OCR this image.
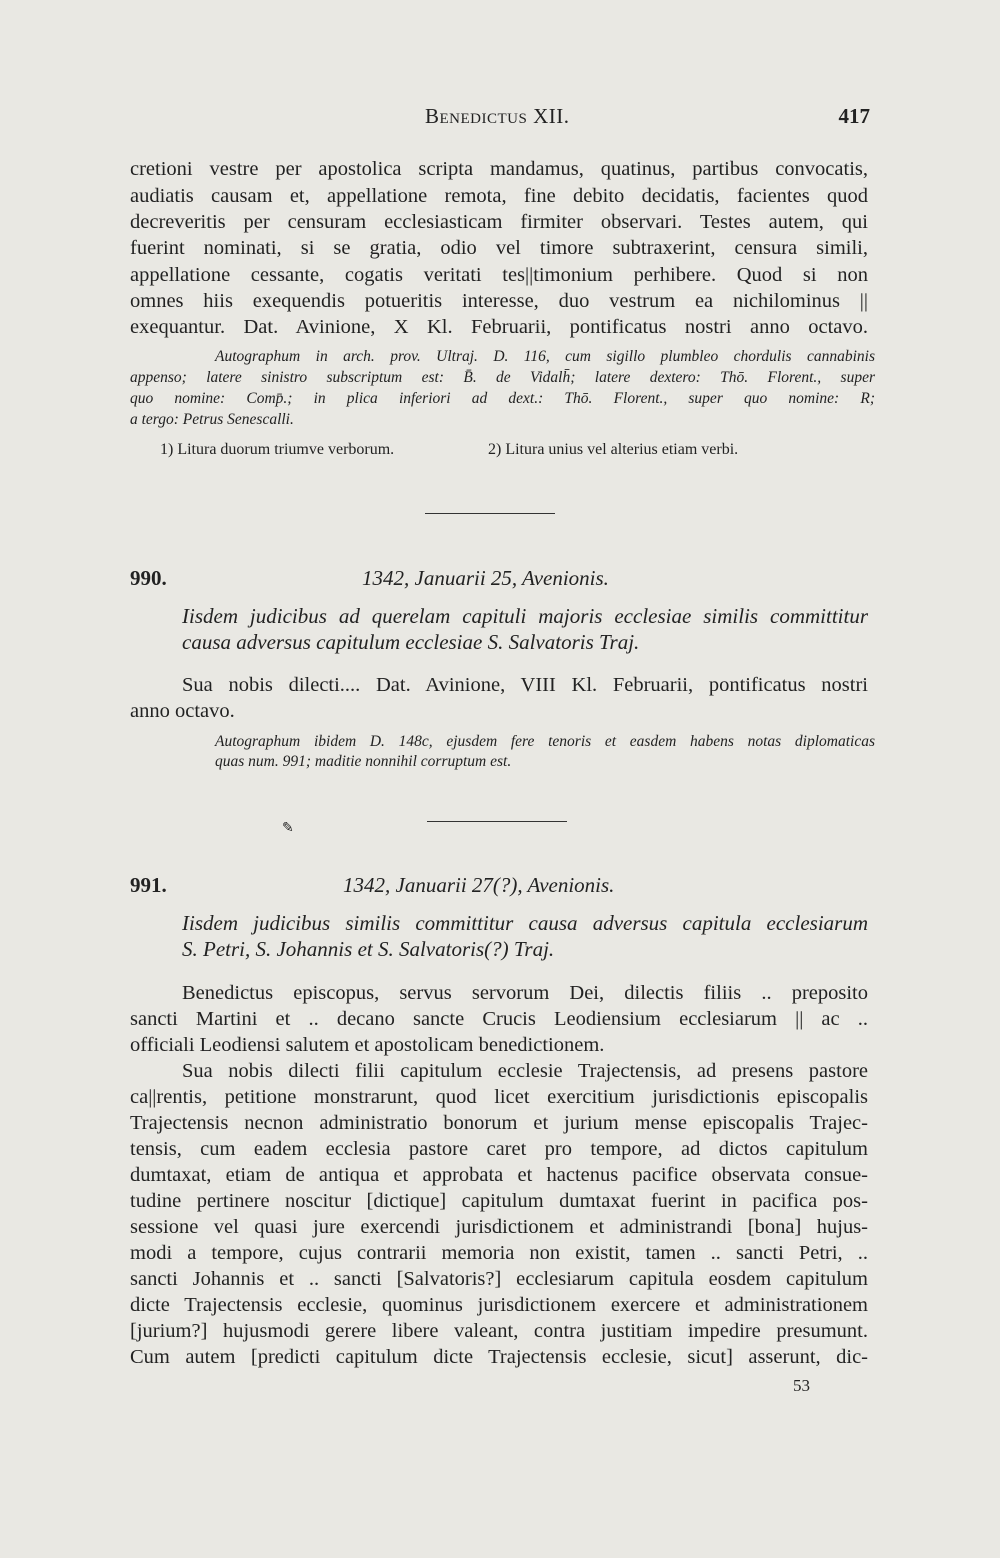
Benedictus XII.	417
cretioni vestre per apostolica scripta mandamus, quatinus, partibus convocatis,
audiatis causam et, appellatione remota, fine debito decidatis, facientes quod
decreveritis per censuram ecclesiasticam firmiter observari. Testes autem, qui
fuerint nominati, si se gratia, odio vel timore subtraxerint, censura simili,
appellatione cessante, cogatis veritati tes||timonium perhibere. Quod si non
omnes hiis exequendis potueritis interesse, duo vestrum ea nichilominus ||
exequantur. Dat. Avinione, X Kl. Februarii, pontificatus nostri anno octavo.
Autographum in arch. prov. Ultraj. D. 116, cum sigillo plumbleo chordulis cannabinis
appenso; latere sinistro subscriptum est: B̄. de Vidalh̄; latere dextero: Thō. Florent., super
quo nomine: Comp̄.; in plica inferiori ad dext.: Thō. Florent., super quo nomine: R;
a tergo: Petrus Senescalli.
1) Litura duorum triumve verborum.	2) Litura unius vel alterius etiam verbi.
990.	1342, Januarii 25, Avenionis.
Iisdem judicibus ad querelam capituli majoris ecclesiae similis committitur
causa adversus capitulum ecclesiae S. Salvatoris Traj.
Sua nobis dilecti.... Dat. Avinione, VIII Kl. Februarii, pontificatus nostri
anno octavo.
Autographum ibidem D. 148c, ejusdem fere tenoris et easdem habens notas diplomaticas
quas num. 991; maditie nonnihil corruptum est.
✎
991.	1342, Januarii 27(?), Avenionis.
Iisdem judicibus similis committitur causa adversus capitula ecclesiarum
S. Petri, S. Johannis et S. Salvatoris(?) Traj.
Benedictus episcopus, servus servorum Dei, dilectis filiis .. preposito
sancti Martini et .. decano sancte Crucis Leodiensium ecclesiarum || ac ..
officiali Leodiensi salutem et apostolicam benedictionem.
Sua nobis dilecti filii capitulum ecclesie Trajectensis, ad presens pastore
ca||rentis, petitione monstrarunt, quod licet exercitium jurisdictionis episcopalis
Trajectensis necnon administratio bonorum et jurium mense episcopalis Trajec-
tensis, cum eadem ecclesia pastore caret pro tempore, ad dictos capitulum
dumtaxat, etiam de antiqua et approbata et hactenus pacifice observata consue-
tudine pertinere noscitur [dictique] capitulum dumtaxat fuerint in pacifica pos-
sessione vel quasi jure exercendi jurisdictionem et administrandi [bona] hujus-
modi a tempore, cujus contrarii memoria non existit, tamen .. sancti Petri, ..
sancti Johannis et .. sancti [Salvatoris?] ecclesiarum capitula eosdem capitulum
dicte Trajectensis ecclesie, quominus jurisdictionem exercere et administrationem
[jurium?] hujusmodi gerere libere valeant, contra justitiam impedire presumunt.
Cum autem [predicti capitulum dicte Trajectensis ecclesie, sicut] asserunt, dic-
53
